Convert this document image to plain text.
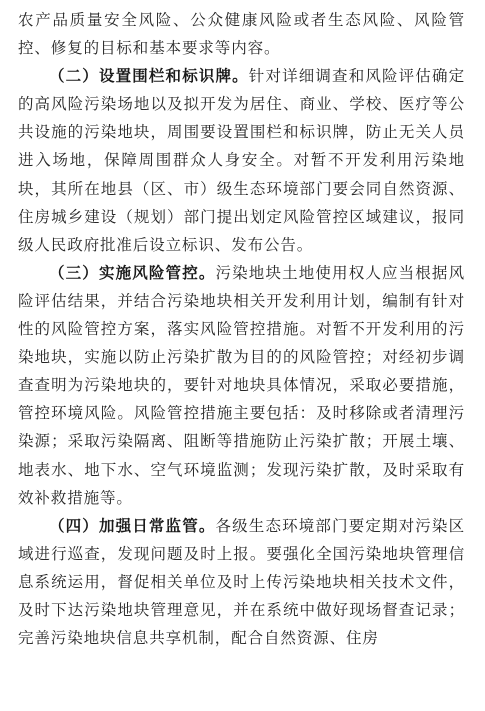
农产品质量安全风险、公众健康风险或者生态风险、风险管控、修复的目标和基本要求等内容。

（二）设置围栏和标识牌。针对详细调查和风险评估确定的高风险污染场地以及拟开发为居住、商业、学校、医疗等公共设施的污染地块，周围要设置围栏和标识牌，防止无关人员进入场地，保障周围群众人身安全。对暂不开发利用污染地块，其所在地县（区、市）级生态环境部门要会同自然资源、住房城乡建设（规划）部门提出划定风险管控区域建议，报同级人民政府批准后设立标识、发布公告。

（三）实施风险管控。污染地块土地使用权人应当根据风险评估结果，并结合污染地块相关开发利用计划，编制有针对性的风险管控方案，落实风险管控措施。对暂不开发利用的污染地块，实施以防止污染扩散为目的的风险管控；对经初步调查查明为污染地块的，要针对地块具体情况，采取必要措施，管控环境风险。风险管控措施主要包括：及时移除或者清理污染源；采取污染隔离、阻断等措施防止污染扩散；开展土壤、地表水、地下水、空气环境监测；发现污染扩散，及时采取有效补救措施等。

（四）加强日常监管。各级生态环境部门要定期对污染区域进行巡查，发现问题及时上报。要强化全国污染地块管理信息系统运用，督促相关单位及时上传污染地块相关技术文件，及时下达污染地块管理意见，并在系统中做好现场督查记录；完善污染地块信息共享机制，配合自然资源、住房
